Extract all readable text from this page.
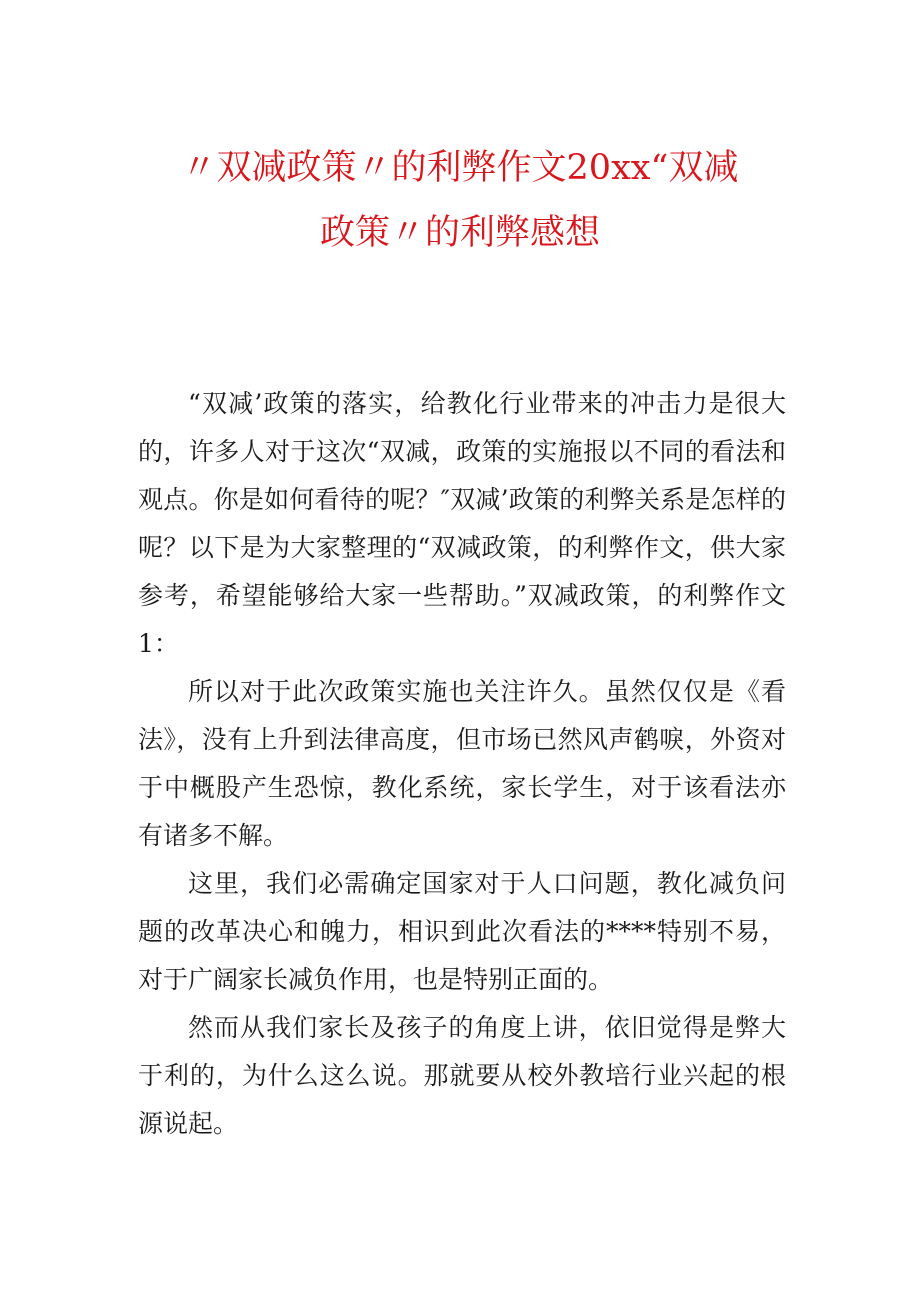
〃双减政策〃的利弊作文20xx“双减
政策〃的利弊感想

“双减’政策的落实，给教化行业带来的冲击力是很大的，许多人对于这次“双减，政策的实施报以不同的看法和观点。你是如何看待的呢？″双减’政策的利弊关系是怎样的呢？以下是为大家整理的“双减政策，的利弊作文，供大家参考，希望能够给大家一些帮助。”双减政策，的利弊作文1：

所以对于此次政策实施也关注许久。虽然仅仅是《看法》，没有上升到法律高度，但市场已然风声鹤唳，外资对于中概股产生恐惊，教化系统，家长学生，对于该看法亦有诸多不解。

这里，我们必需确定国家对于人口问题，教化减负问题的改革决心和魄力，相识到此次看法的****特别不易，对于广阔家长减负作用，也是特别正面的。

然而从我们家长及孩子的角度上讲，依旧觉得是弊大于利的，为什么这么说。那就要从校外教培行业兴起的根源说起。
